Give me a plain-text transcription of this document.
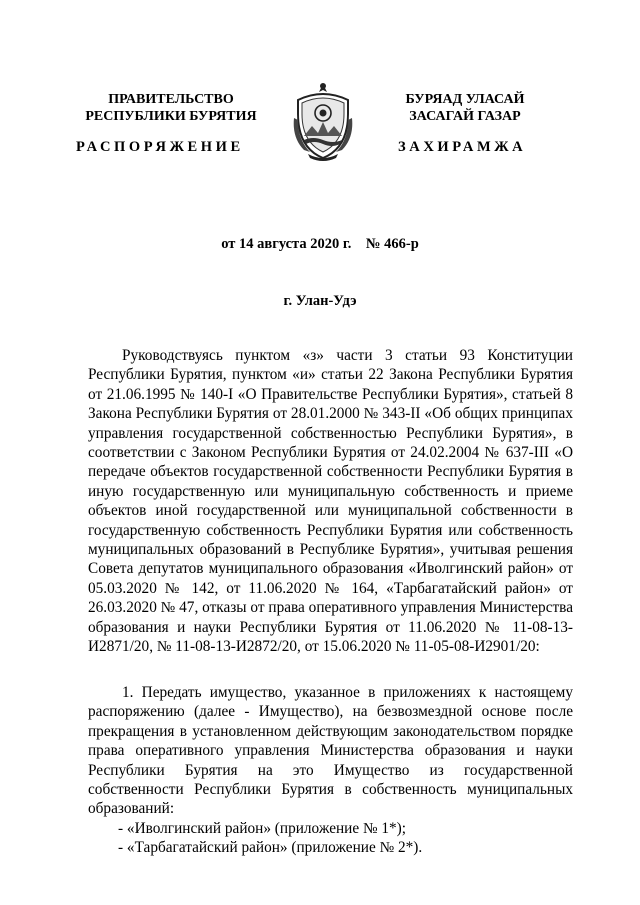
ПРАВИТЕЛЬСТВО
РЕСПУБЛИКИ БУРЯТИЯ
БУРЯАД УЛАСАЙ
ЗАСАГАЙ ГАЗАР
РАСПОРЯЖЕНИЕ	ЗАХИРАМЖА
от 14 августа 2020 г.    № 466-р
г. Улан-Удэ

Руководствуясь пунктом «з» части 3 статьи 93 Конституции Республики Бурятия, пунктом «и» статьи 22 Закона Республики Бурятия от 21.06.1995 № 140-I «О Правительстве Республики Бурятия», статьей 8 Закона Республики Бурятия от 28.01.2000 № 343-II «Об общих принципах управления государственной собственностью Республики Бурятия», в соответствии с Законом Республики Бурятия от 24.02.2004 № 637-III «О передаче объектов государственной собственности Республики Бурятия в иную государственную или муниципальную собственность и приеме объектов иной государственной или муниципальной собственности в государственную собственность Республики Бурятия или собственность муниципальных образований в Республике Бурятия», учитывая решения Совета депутатов муниципального образования «Иволгинский район» от 05.03.2020 № 142, от 11.06.2020 № 164, «Тарбагатайский район» от 26.03.2020 № 47, отказы от права оперативного управления Министерства образования и науки Республики Бурятия от 11.06.2020 № 11-08-13-И2871/20, № 11-08-13-И2872/20, от 15.06.2020 № 11-05-08-И2901/20:

1. Передать имущество, указанное в приложениях к настоящему распоряжению (далее - Имущество), на безвозмездной основе после прекращения в установленном действующим законодательством порядке права оперативного управления Министерства образования и науки Республики Бурятия на это Имущество из государственной собственности Республики Бурятия в собственность муниципальных образований:

- «Иволгинский район» (приложение № 1*);

- «Тарбагатайский район» (приложение № 2*).
